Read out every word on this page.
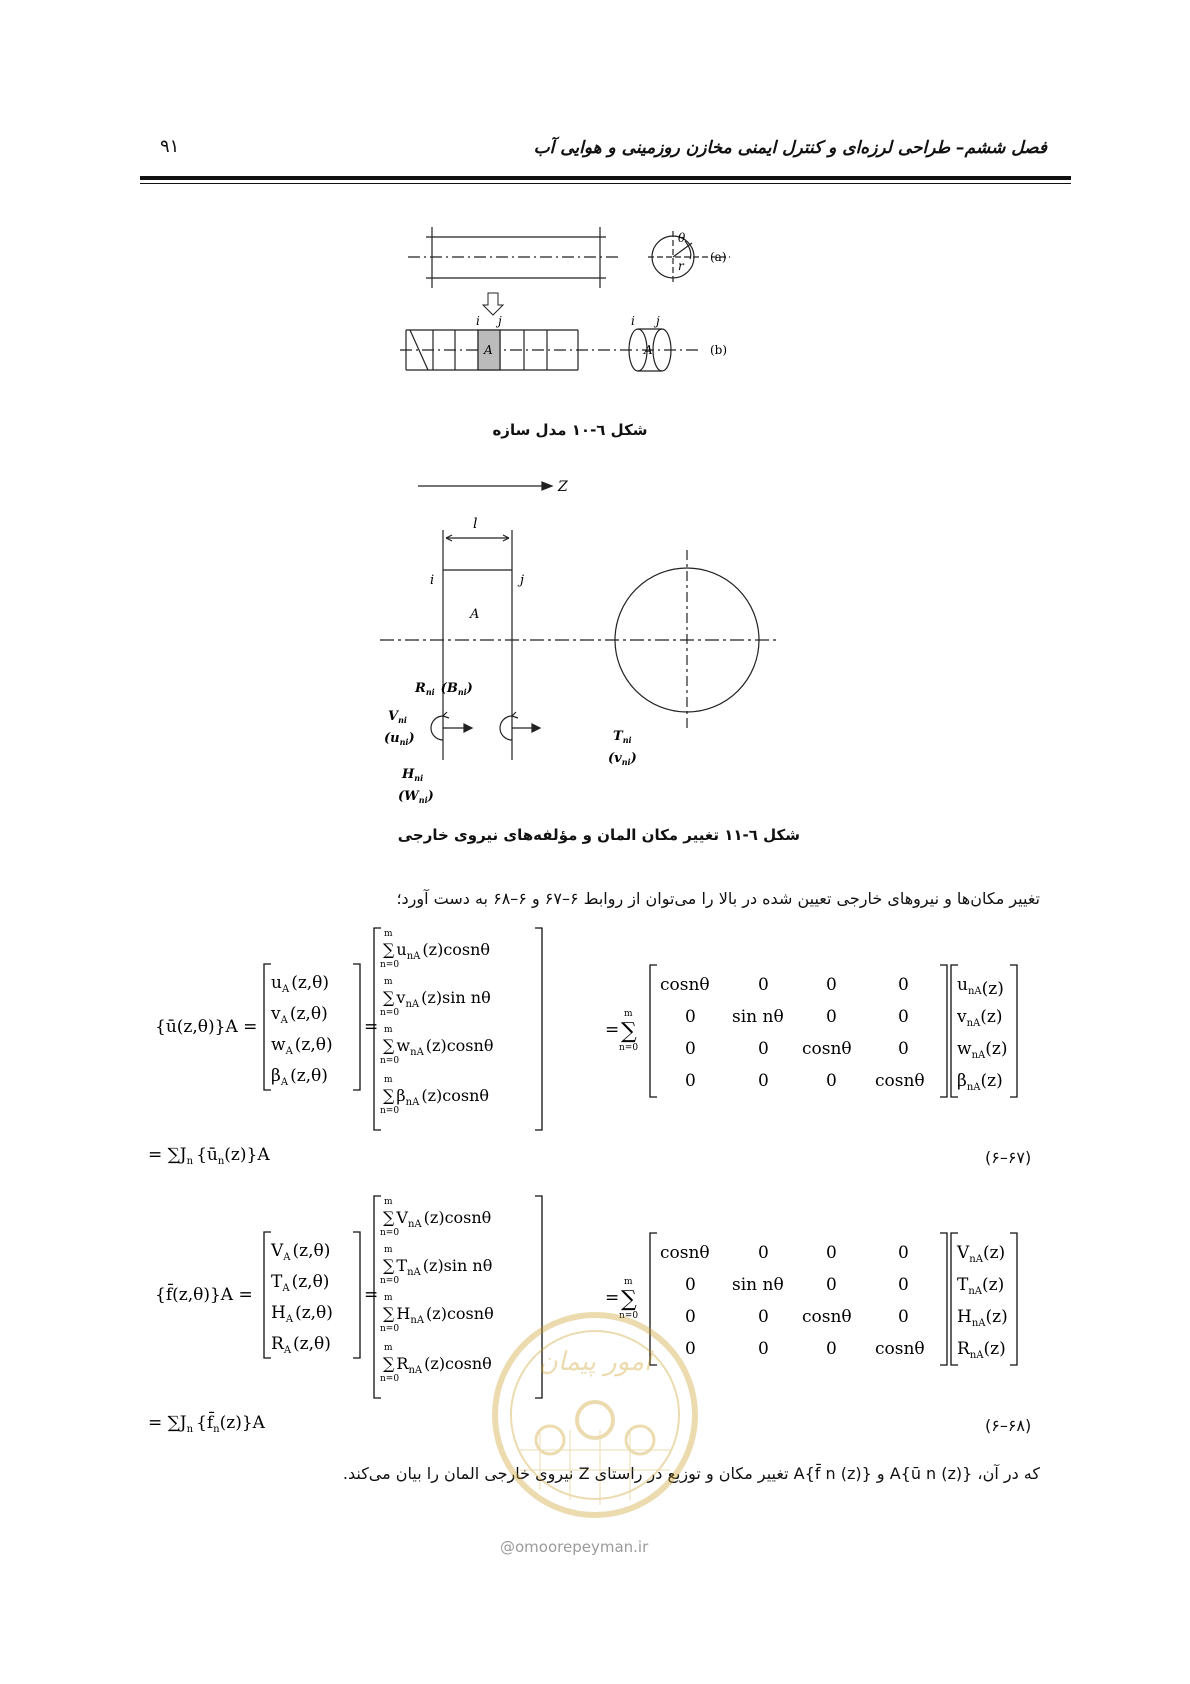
فصل ششم– طراحی لرزه‌ای و کنترل ایمنی مخازن روزمینی و هوایی آب
۹۱
θ
r
(a)
(b)
i j
A
i j
A
شکل ٦-١٠ مدل سازه
Z
l
i	j
A
$R_{ni}$ $(B_{ni})$
$V_{ni}$
$(u_{ni})$
$H_{ni}$
$(W_{ni})$
$T_{ni}$
$(v_{ni})$
شکل ٦-١١ تغییر مکان المان و مؤلفه‌های نیروی خارجی
تغییر مکان‌ها و نیروهای خارجی تعیین شده در بالا را می‌توان از روابط ۶–۶۷ و ۶–۶۸ به دست آورد؛
{ū(z,θ)}A =
$u_A$ (z,θ)
$v_A$ (z,θ)
$w_A$ (z,θ)
$\beta_A$ (z,θ)
=
m
∑ $u_{nA}$ (z)cosnθ
n=0
m
∑ $v_{nA}$ (z)sin nθ
n=0
m
∑ $w_{nA}$ (z)cosnθ
n=0
m
∑ $\beta_{nA}$ (z)cosnθ
n=0
=
m
∑
n=0
cosnθ	0	0	0
0 sin nθ 0	0
0	0 cosnθ	0
0	0	0 cosnθ
$u_{nA}(z)$
$v_{nA}(z)$
$w_{nA}(z)$
$\beta_{nA}(z)$
= $\sum J_n$ $\{ū_n(z)\}A$	(۶–۶۷)
{f̄(z,θ)}A =
$V_A$ (z,θ)
$T_A$ (z,θ)
$H_A$ (z,θ)
$R_A$ (z,θ)
=
m
∑ $V_{nA}$ (z)cosnθ
n=0
m
∑ $T_{nA}$ (z)sin nθ
n=0
m
∑ $H_{nA}$ (z)cosnθ
n=0
m
∑ $R_{nA}$ (z)cosnθ
n=0
=
m
∑
n=0
cosnθ	0	0	0
0 sin nθ 0	0
0	0 cosnθ	0
0	0	0 cosnθ
$V_{nA}(z)$
$T_{nA}(z)$
$H_{nA}(z)$
$R_{nA}(z)$
= $\sum J_n$ $\{f̄_n(z)\}A$	(۶–۶۸)
که در آن، A{ū n (z)} و {f̄ n (z)}A تغییر مکان و توزیع در راستای Z نیروی خارجی المان را بیان می‌کند.
امور پیمان
@omoorepeyman.ir
